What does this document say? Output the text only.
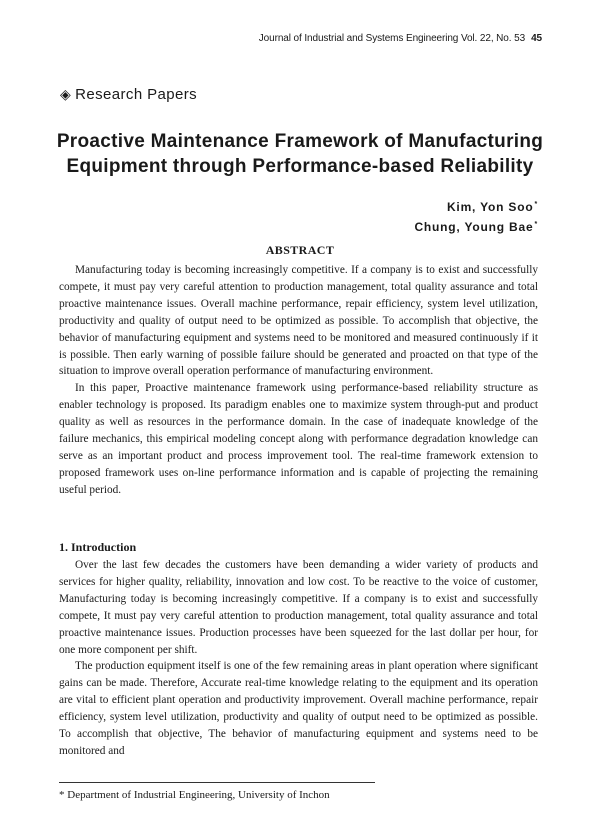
Journal of Industrial and Systems Engineering Vol. 22, No. 53 45
◈ Research Papers
Proactive Maintenance Framework of Manufacturing
Equipment through Performance-based Reliability
Kim, Yon Soo*
Chung, Young Bae*
ABSTRACT

Manufacturing today is becoming increasingly competitive. If a company is to exist and successfully compete, it must pay very careful attention to production management, total quality assurance and total proactive maintenance issues. Overall machine performance, repair efficiency, system level utilization, productivity and quality of output need to be optimized as possible. To accomplish that objective, the behavior of manufacturing equipment and systems need to be monitored and measured continuously if it is possible. Then early warning of possible failure should be generated and proacted on that type of the situation to improve overall operation performance of manufacturing environment.

In this paper, Proactive maintenance framework using performance-based reliability structure as enabler technology is proposed. Its paradigm enables one to maximize system through-put and product quality as well as resources in the performance domain. In the case of inadequate knowledge of the failure mechanics, this empirical modeling concept along with performance degradation knowledge can serve as an important product and process improvement tool. The real-time framework extension to proposed framework uses on-line performance information and is capable of projecting the remaining useful period.

1. Introduction

Over the last few decades the customers have been demanding a wider variety of products and services for higher quality, reliability, innovation and low cost. To be reactive to the voice of customer, Manufacturing today is becoming increasingly competitive. If a company is to exist and successfully compete, It must pay very careful attention to production management, total quality assurance and total proactive maintenance issues. Production processes have been squeezed for the last dollar per hour, for one more component per shift.

The production equipment itself is one of the few remaining areas in plant operation where significant gains can be made. Therefore, Accurate real-time knowledge relating to the equipment and its operation are vital to efficient plant operation and productivity improvement. Overall machine performance, repair efficiency, system level utilization, productivity and quality of output need to be optimized as possible. To accomplish that objective, The behavior of manufacturing equipment and systems need to be monitored and

* Department of Industrial Engineering, University of Inchon
